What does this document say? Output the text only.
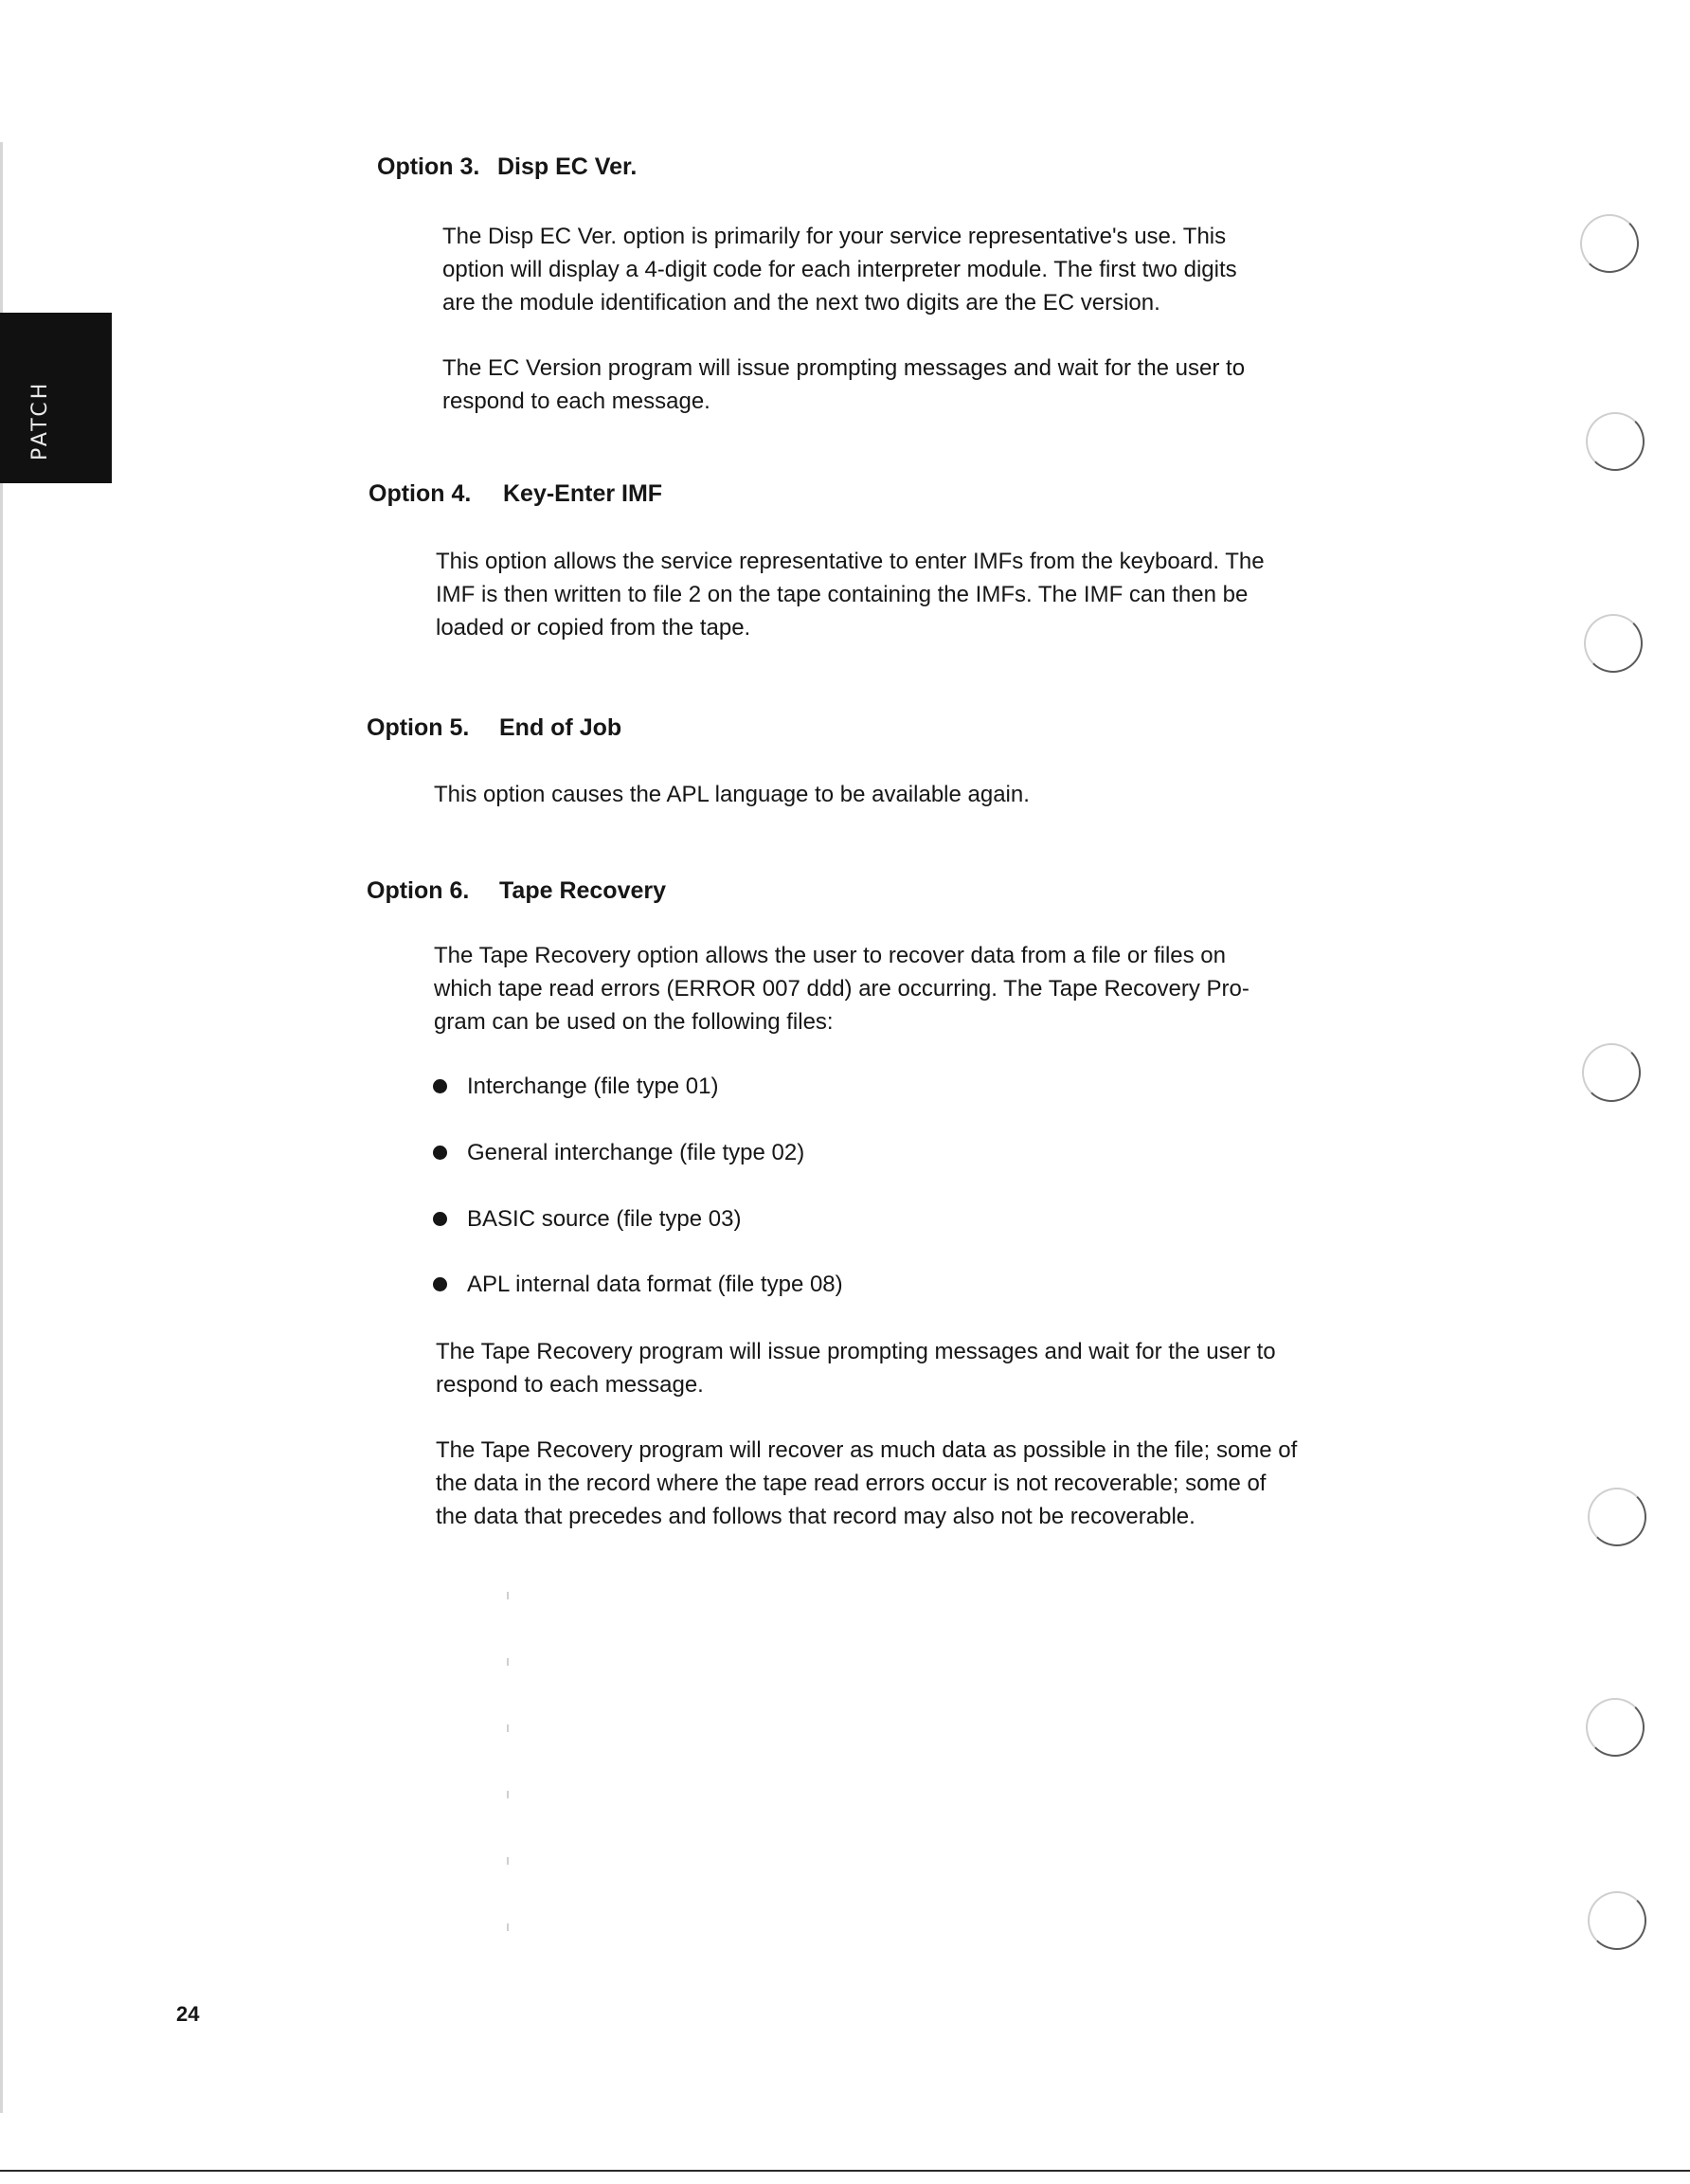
PATCH
Option 3. Disp EC Ver.
The Disp EC Ver. option is primarily for your service representative's use. This
option will display a 4-digit code for each interpreter module. The first two digits
are the module identification and the next two digits are the EC version.
The EC Version program will issue prompting messages and wait for the user to
respond to each message.
Option 4. Key-Enter IMF
This option allows the service representative to enter IMFs from the keyboard. The
IMF is then written to file 2 on the tape containing the IMFs. The IMF can then be
loaded or copied from the tape.
Option 5. End of Job
This option causes the APL language to be available again.
Option 6. Tape Recovery
The Tape Recovery option allows the user to recover data from a file or files on
which tape read errors (ERROR 007 ddd) are occurring. The Tape Recovery Pro-
gram can be used on the following files:
Interchange (file type 01)
General interchange (file type 02)
BASIC source (file type 03)
APL internal data format (file type 08)
The Tape Recovery program will issue prompting messages and wait for the user to
respond to each message.
The Tape Recovery program will recover as much data as possible in the file; some of
the data in the record where the tape read errors occur is not recoverable; some of
the data that precedes and follows that record may also not be recoverable.
24
